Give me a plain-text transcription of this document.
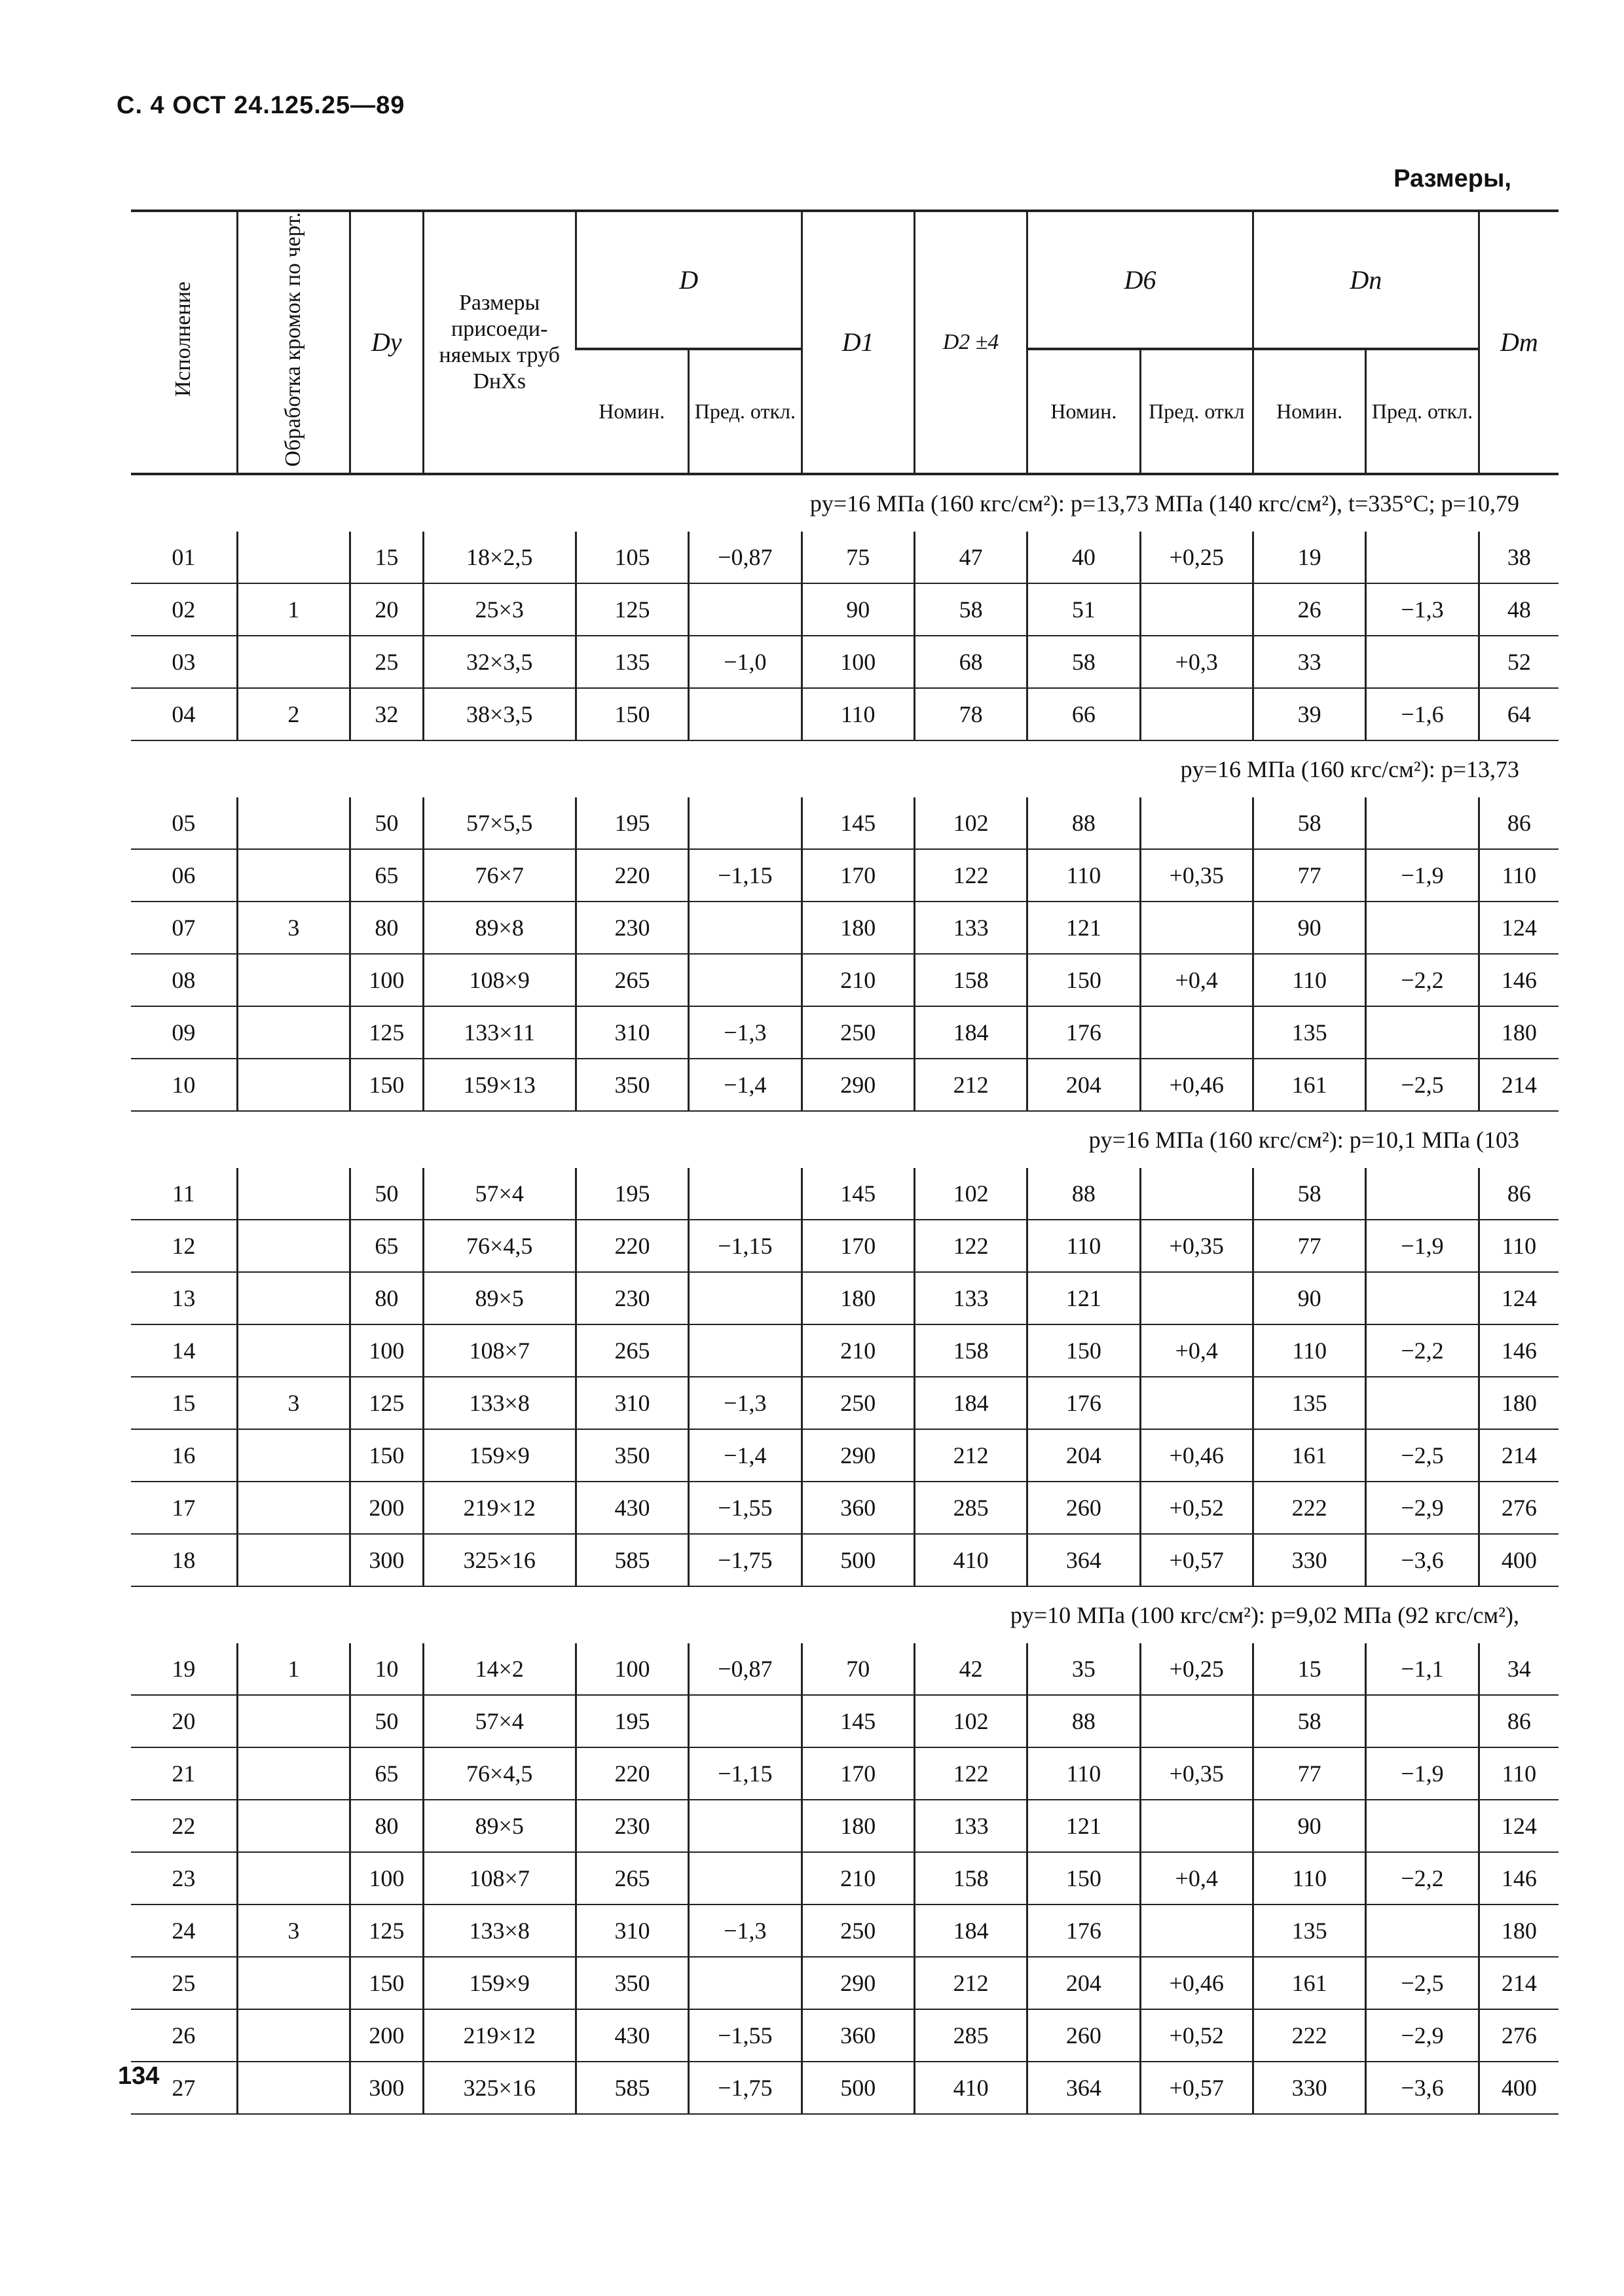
С. 4 ОСТ 24.125.25—89
Размеры,
Исполнение	Обработка кромок по черт.	Dy	Размеры присоеди-няемых труб DнXs	D		D1	D2 ±4	D6		Dn		Dm
				Номин.	Пред. откл.			Номин.	Пред. откл	Номин.	Пред. откл.	
py=16 МПа (160 кгс/см²): p=13,73 МПа (140 кгс/см²), t=335°С; p=10,79												
01		15	18×2,5	105	−0,87	75	47	40	+0,25	19		38
02	1	20	25×3	125		90	58	51		26	−1,3	48
03		25	32×3,5	135	−1,0	100	68	58	+0,3	33		52
04	2	32	38×3,5	150		110	78	66		39	−1,6	64
py=16 МПа (160 кгс/см²): p=13,73												
05		50	57×5,5	195		145	102	88		58		86
06		65	76×7	220	−1,15	170	122	110	+0,35	77	−1,9	110
07	3	80	89×8	230		180	133	121		90		124
08		100	108×9	265		210	158	150	+0,4	110	−2,2	146
09		125	133×11	310	−1,3	250	184	176		135		180
10		150	159×13	350	−1,4	290	212	204	+0,46	161	−2,5	214
py=16 МПа (160 кгс/см²): p=10,1 МПа (103												
11		50	57×4	195		145	102	88		58		86
12		65	76×4,5	220	−1,15	170	122	110	+0,35	77	−1,9	110
13		80	89×5	230		180	133	121		90		124
14		100	108×7	265		210	158	150	+0,4	110	−2,2	146
15	3	125	133×8	310	−1,3	250	184	176		135		180
16		150	159×9	350	−1,4	290	212	204	+0,46	161	−2,5	214
17		200	219×12	430	−1,55	360	285	260	+0,52	222	−2,9	276
18		300	325×16	585	−1,75	500	410	364	+0,57	330	−3,6	400
py=10 МПа (100 кгс/см²): p=9,02 МПа (92 кгс/см²),												
19	1	10	14×2	100	−0,87	70	42	35	+0,25	15	−1,1	34
20		50	57×4	195		145	102	88		58		86
21		65	76×4,5	220	−1,15	170	122	110	+0,35	77	−1,9	110
22		80	89×5	230		180	133	121		90		124
23		100	108×7	265		210	158	150	+0,4	110	−2,2	146
24	3	125	133×8	310	−1,3	250	184	176		135		180
25		150	159×9	350		290	212	204	+0,46	161	−2,5	214
26		200	219×12	430	−1,55	360	285	260	+0,52	222	−2,9	276
27		300	325×16	585	−1,75	500	410	364	+0,57	330	−3,6	400
134
